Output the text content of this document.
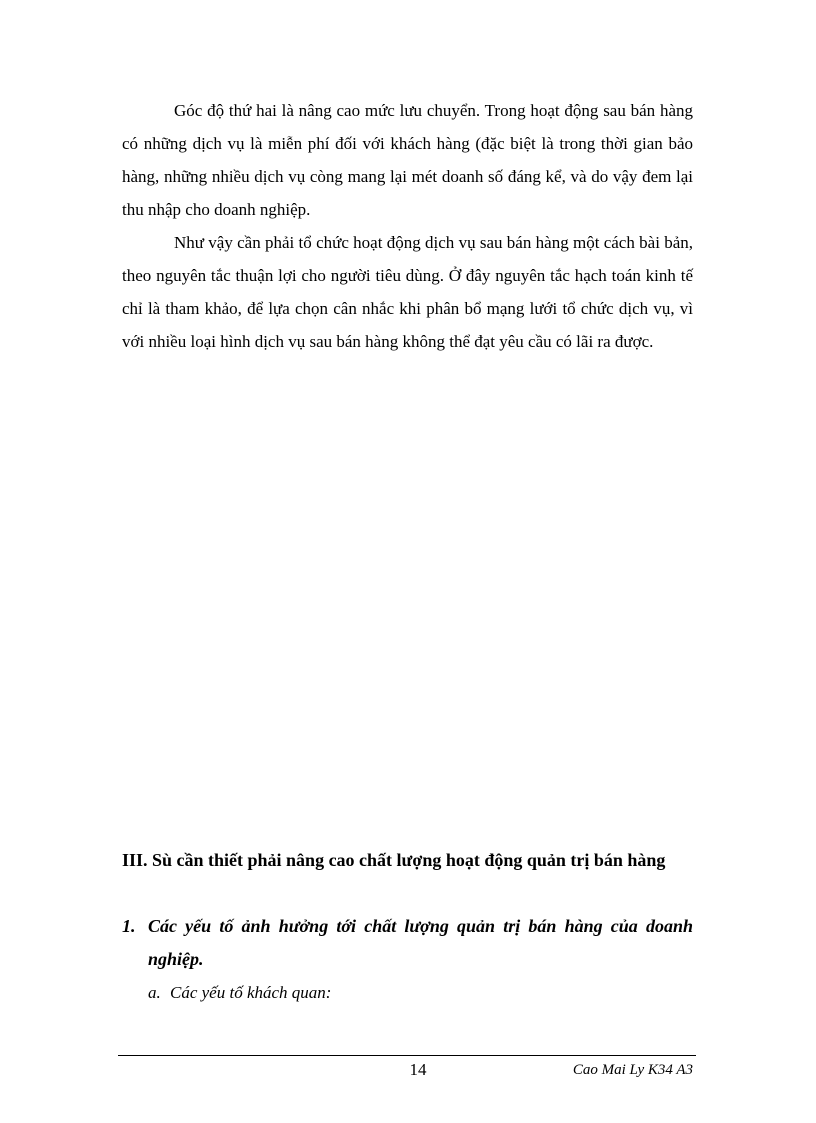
Góc độ thứ hai là nâng cao mức lưu chuyển. Trong hoạt động sau bán hàng có những dịch vụ là miễn phí đối với khách hàng (đặc biệt là trong thời gian bảo hàng, những nhiều dịch vụ còng mang lại mét doanh số đáng kể, và do vậy đem lại thu nhập cho doanh nghiệp.

Như vậy cần phải tổ chức hoạt động dịch vụ sau bán hàng một cách bài bản, theo nguyên tắc thuận lợi cho người tiêu dùng. Ở đây nguyên tắc hạch toán kinh tế chỉ là tham khảo, để lựa chọn cân nhắc khi phân bổ mạng lưới tổ chức dịch vụ, vì với nhiều loại hình dịch vụ sau bán hàng không thể đạt yêu cầu có lãi ra được.

III. Sù cần thiết phải nâng cao chất lượng hoạt động quản trị bán hàng

1. Các yếu tố ảnh hưởng tới chất lượng quản trị bán hàng của doanh nghiệp.

a. Các yếu tố khách quan:

14	Cao Mai Ly K34 A3
